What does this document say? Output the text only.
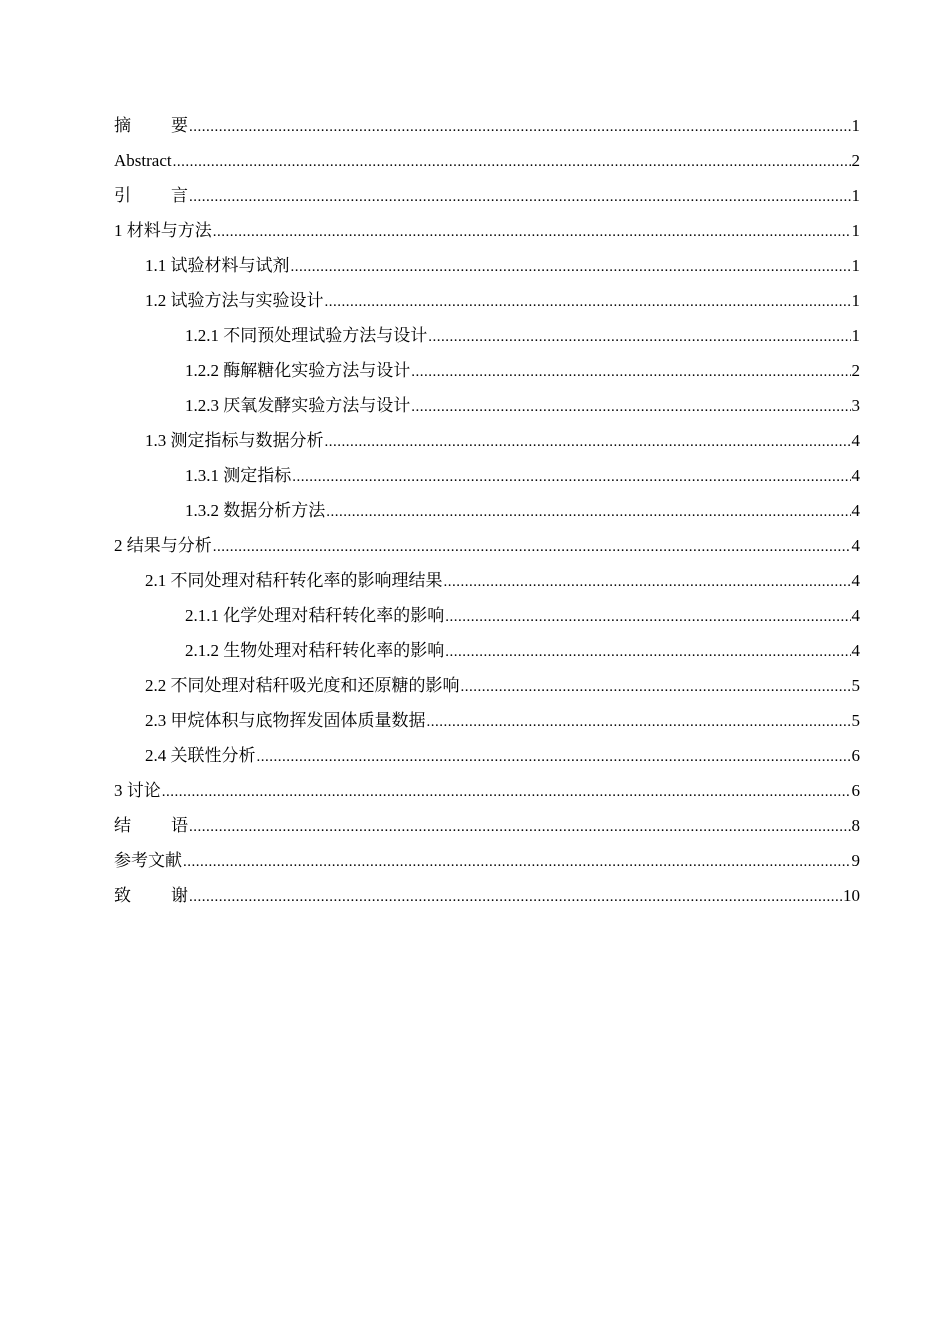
摘要 .....	1
Abstract .....	2
引言 .....	1
1 材料与方法 .....	1
1.1 试验材料与试剂 .....	1
1.2 试验方法与实验设计 .....	1
1.2.1 不同预处理试验方法与设计 .....	1
1.2.2 酶解糖化实验方法与设计 .....	2
1.2.3 厌氧发酵实验方法与设计 .....	3
1.3 测定指标与数据分析 .....	4
1.3.1 测定指标 .....	4
1.3.2 数据分析方法 .....	4
2 结果与分析 .....	4
2.1 不同处理对秸秆转化率的影响理结果 .....	4
2.1.1 化学处理对秸秆转化率的影响 .....	4
2.1.2 生物处理对秸秆转化率的影响 .....	4
2.2 不同处理对秸秆吸光度和还原糖的影响 .....	5
2.3 甲烷体积与底物挥发固体质量数据 .....	5
2.4 关联性分析 .....	6
3 讨论 .....	6
结语 .....	8
参考文献 .....	9
致谢 .....	10
